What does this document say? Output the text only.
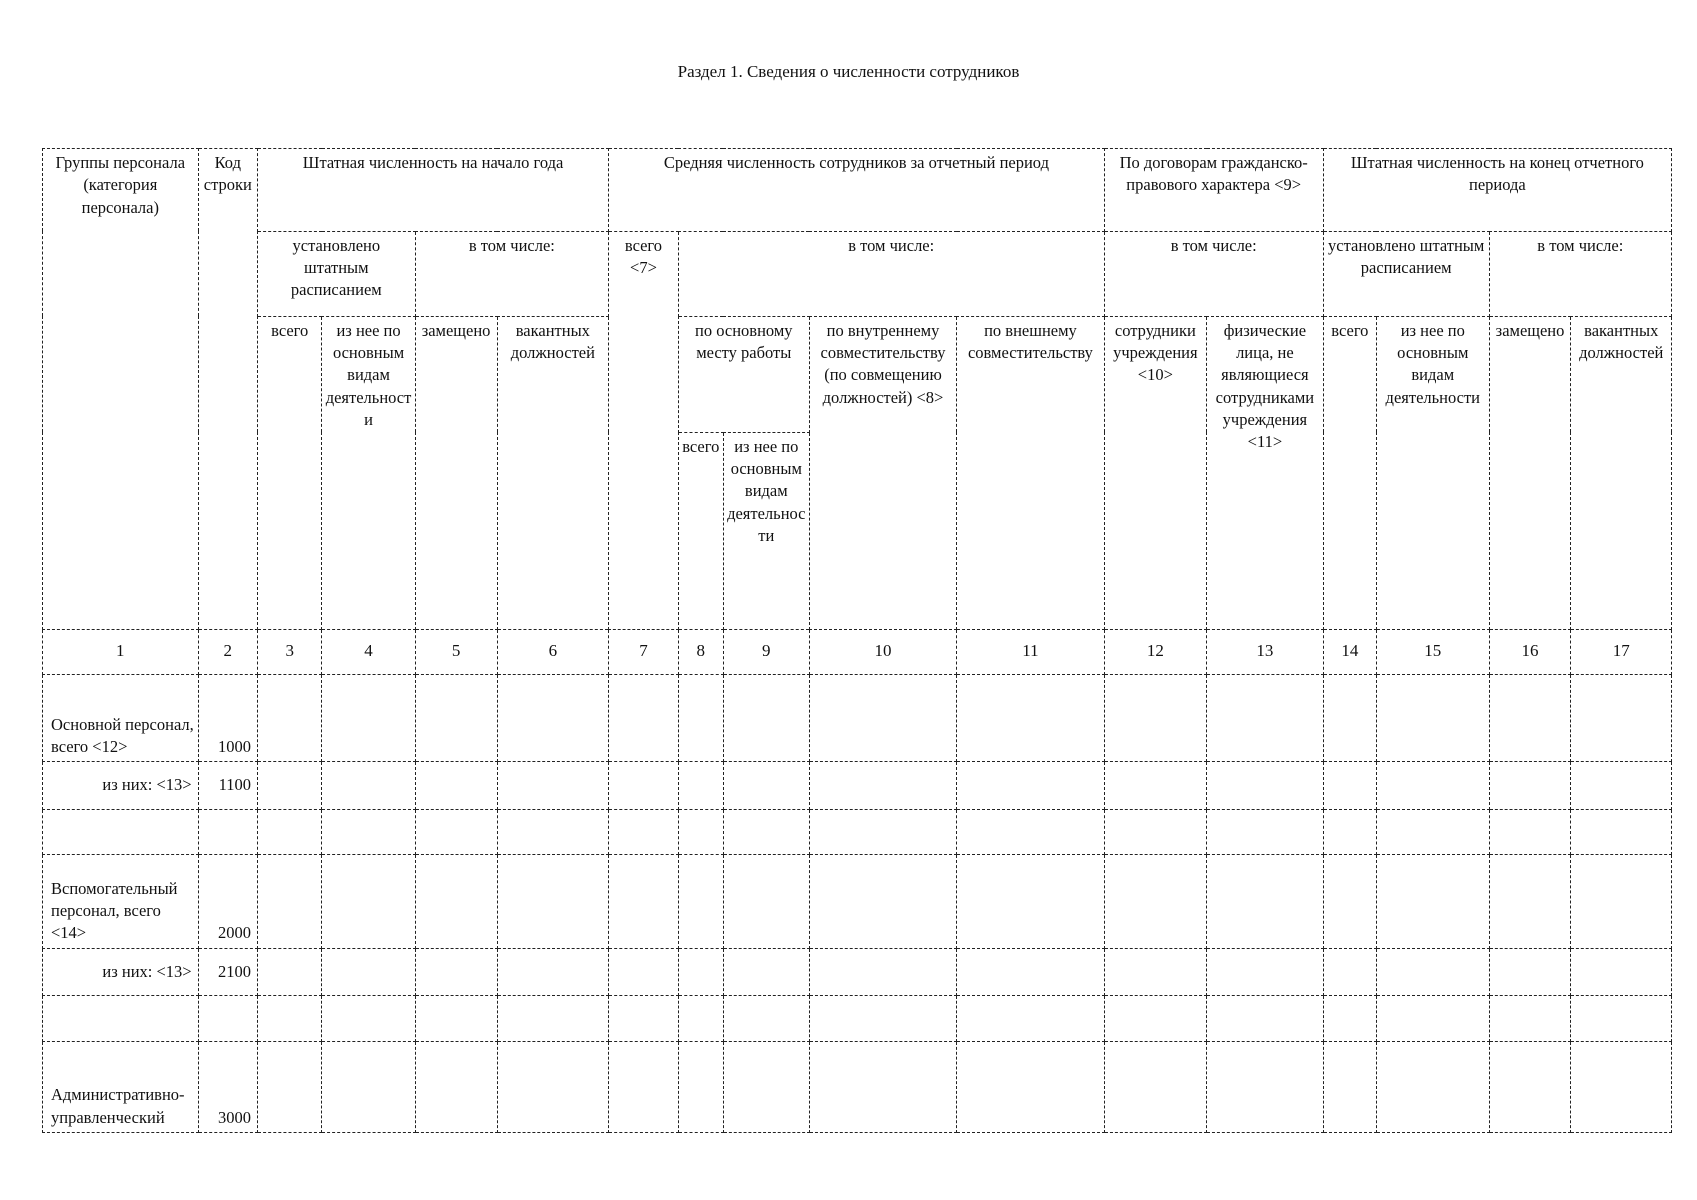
Раздел 1. Сведения о численности сотрудников
Группы персонала (категория персонала)	Код строки	Штатная численность на начало года				Средняя численность сотрудников за отчетный период					По договорам гражданско-правового характера <9>		Штатная численность на конец отчетного периода			
		установлено штатным расписанием		в том числе:		всего <7>	в том числе:				в том числе:		установлено штатным расписанием		в том числе:	
		всего	из нее по основным видам деятельности	замещено	вакантных должностей		по основному месту работы		по внутреннему совместительству (по совмещению должностей) <8>	по внешнему совместительству	сотрудники учреждения <10>	физические лица, не являющиеся сотрудниками учреждения <11>	всего	из нее по основным видам деятельности	замещено	вакантных должностей
							всего	из нее по основным видам деятельности								
1	2	3	4	5	6	7	8	9	10	11	12	13	14	15	16	17
Основной персонал, всего <12>	1000															
из них: <13>	1100															

Вспомогательный персонал, всего <14>	2000															
из них: <13>	2100															

Административно-управленческий	3000															
